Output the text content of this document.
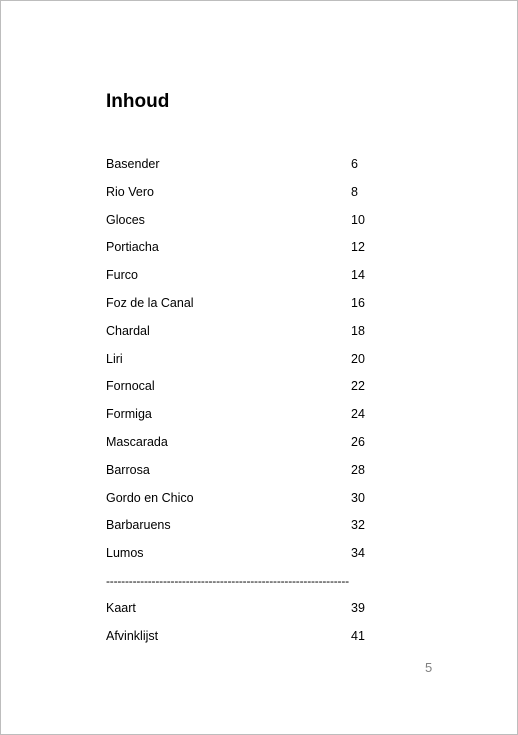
Inhoud
Basender	6
Rio Vero	8
Gloces	10
Portiacha	12
Furco	14
Foz de la Canal	16
Chardal	18
Liri	20
Fornocal	22
Formiga	24
Mascarada	26
Barrosa	28
Gordo en Chico	30
Barbaruens	32
Lumos	34
----------------------------------------------------------------
Kaart	39
Afvinklijst	41
5
